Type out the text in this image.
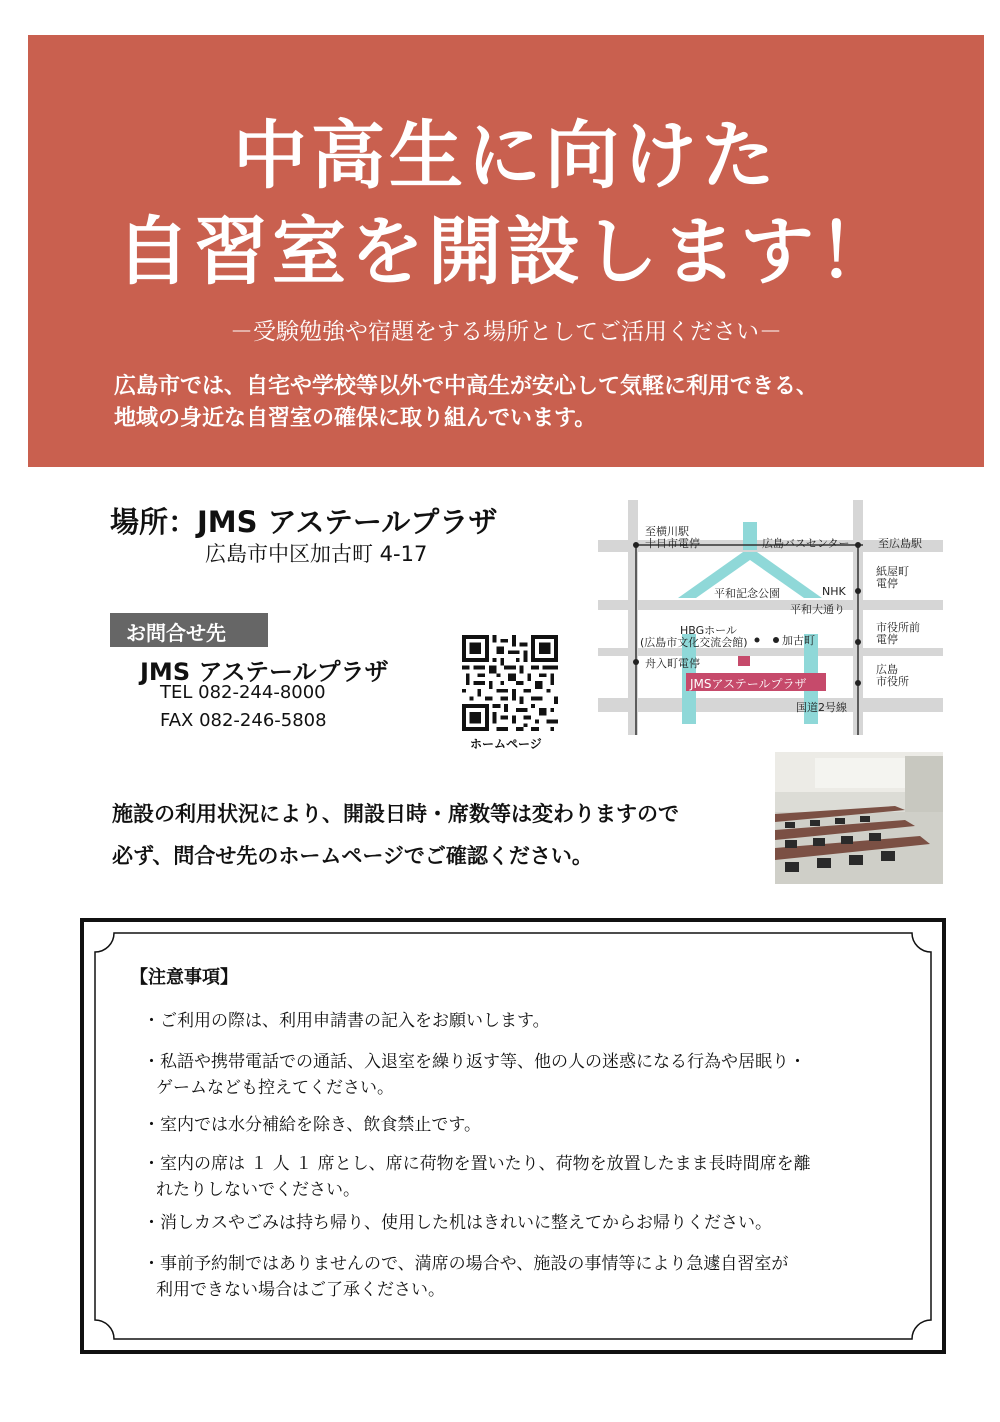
中高生に向けた
自習室を開設します！
－受験勉強や宿題をする場所としてご活用ください－
広島市では、自宅や学校等以外で中高生が安心して気軽に利用できる、
地域の身近な自習室の確保に取り組んでいます。
場所：JMS アステールプラザ
広島市中区加古町 4-17
お問合せ先
JMS アステールプラザ
TEL 082-244-8000
FAX 082-246-5808
ホームページ
至横川駅
十日市電停	広島バスセンター	至広島駅
NHK
紙屋町
電停
平和記念公園
平和大通り
HBGホール
(広島市文化交流会館)	加古町
市役所前
電停
舟入町電停	広島
市役所
JMSアステールプラザ
国道2号線
施設の利用状況により、開設日時・席数等は変わりますので
必ず、問合せ先のホームページでご確認ください。
【注意事項】
・ご利用の際は、利用申請書の記入をお願いします。
・私語や携帯電話での通話、入退室を繰り返す等、他の人の迷惑になる行為や居眠り・
ゲームなども控えてください。
・室内では水分補給を除き、飲食禁止です。
・室内の席は １ 人 １ 席とし、席に荷物を置いたり、荷物を放置したまま長時間席を離
れたりしないでください。
・消しカスやごみは持ち帰り、使用した机はきれいに整えてからお帰りください。
・事前予約制ではありませんので、満席の場合や、施設の事情等により急遽自習室が
利用できない場合はご了承ください。
